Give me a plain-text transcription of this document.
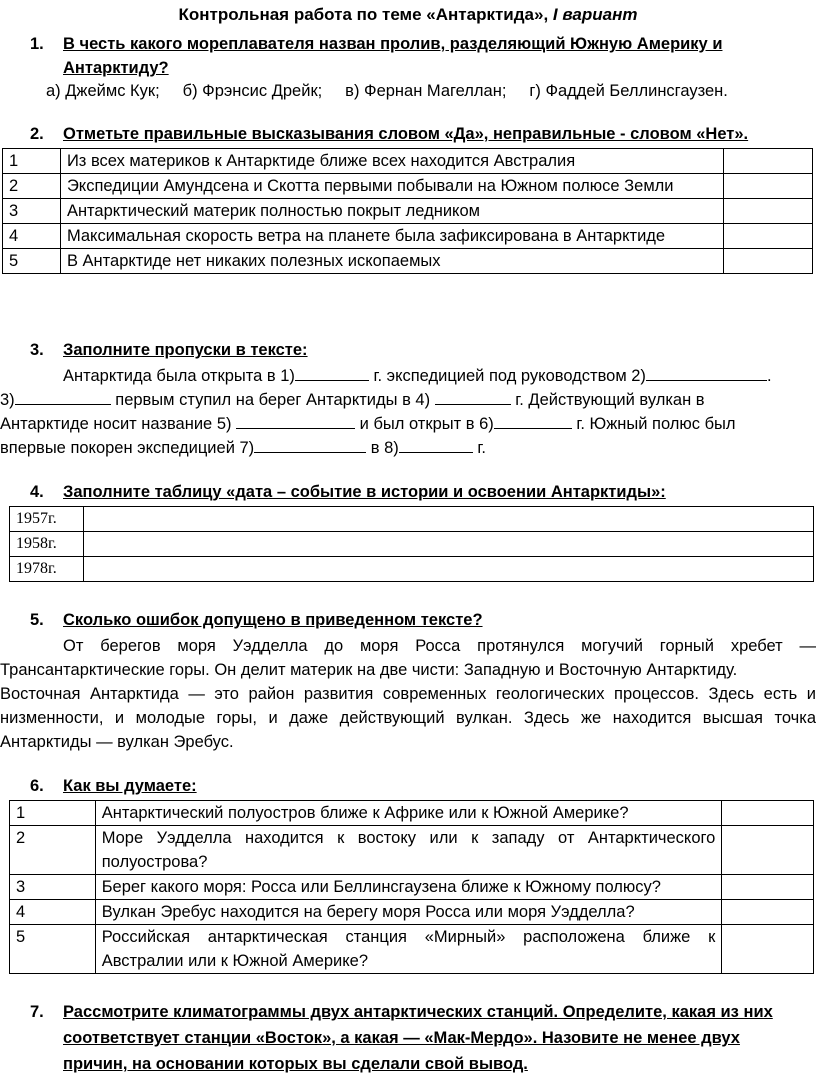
Контрольная работа по теме «Антарктида», I вариант
1. В честь какого мореплавателя назван пролив, разделяющий Южную Америку и
Антарктиду?
а) Джеймс Кук;     б) Фрэнсис Дрейк;     в) Фернан Магеллан;     г) Фаддей Беллинсгаузен.
2. Отметьте правильные высказывания словом «Да», неправильные - словом «Нет».
1	Из всех материков к Антарктиде ближе всех находится Австралия	
2	Экспедиции Амундсена и Скотта первыми побывали на Южном полюсе Земли	
3	Антарктический материк полностью покрыт ледником	
4	Максимальная скорость ветра на планете была зафиксирована в Антарктиде	
5	В Антарктиде нет никаких полезных ископаемых	
3. Заполните пропуски в тексте:
Антарктида была открыта в 1)	г. экспедицией под руководством 2)	.
3)	первым ступил на берег Антарктиды в 4)	г. Действующий вулкан в
Антарктиде носит название 5)	и был открыт в 6)	г. Южный полюс был
впервые покорен экспедицией 7)	в 8)	г.
4. Заполните таблицу «дата – событие в истории и освоении Антарктиды»:
1957г.	
1958г.	
1978г.	
5. Сколько ошибок допущено в приведенном тексте?
От берегов моря Уэдделла до моря Росса протянулся могучий горный хребет —
Трансантарктические горы. Он делит материк на две чисти: Западную и Восточную Антарктиду.
Восточная Антарктида — это район развития современных геологических процессов. Здесь есть и
низменности, и молодые горы, и даже действующий вулкан. Здесь же находится высшая точка
Антарктиды — вулкан Эребус.
6. Как вы думаете:
1	Антарктический полуостров ближе к Африке или к Южной Америке?	

2	Море Уэдделла находится к востоку или к западу от Антарктического
полуострова?	

3	Берег какого моря: Росса или Беллинсгаузена ближе к Южному полюсу?	

4	Вулкан Эребус находится на берегу моря Росса или моря Уэдделла?	

5	Российская антарктическая станция «Мирный» расположена ближе к
Австралии или к Южной Америке?	

7. Рассмотрите климатограммы двух антарктических станций. Определите, какая из них
соответствует станции «Восток», а какая — «Мак-Мердо». Назовите не менее двух
причин, на основании которых вы сделали свой вывод.
